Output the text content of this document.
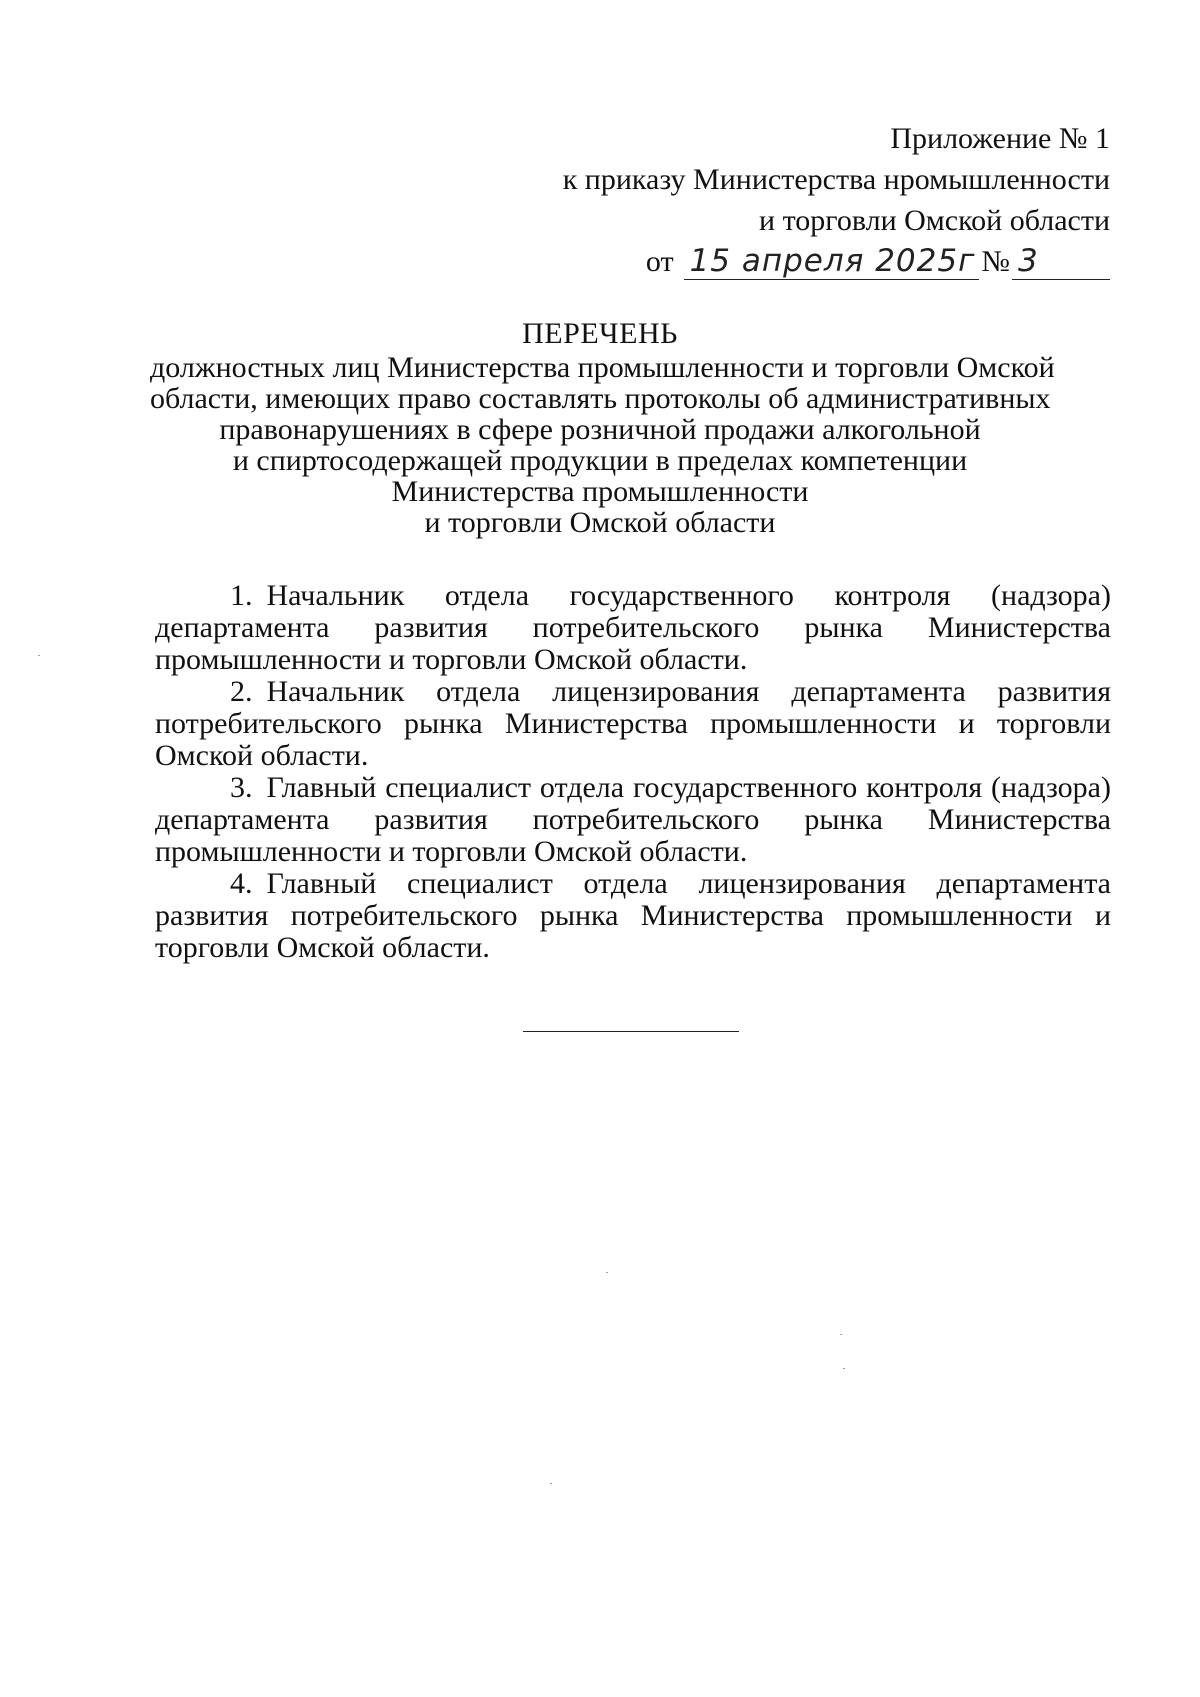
Приложение № 1
к приказу Министерства нромышленности
и торговли Омской области
от 15 апреля 2025г № 3
ПЕРЕЧЕНЬ
должностных лиц Министерства промышленности и торговли Омской
области, имеющих право составлять протоколы об административных
правонарушениях в сфере розничной продажи алкогольной
и спиртосодержащей продукции в пределах компетенции
Министерства промышленности
и торговли Омской области

1. Начальник отдела государственного контроля (надзора) департамента развития потребительского рынка Министерства промышленности и торговли Омской области.

2. Начальник отдела лицензирования департамента развития потребительского рынка Министерства промышленности и торговли Омской области.

3. Главный специалист отдела государственного контроля (надзора) департамента развития потребительского рынка Министерства промышленности и торговли Омской области.

4. Главный специалист отдела лицензирования департамента развития потребительского рынка Министерства промышленности и торговли Омской области.
